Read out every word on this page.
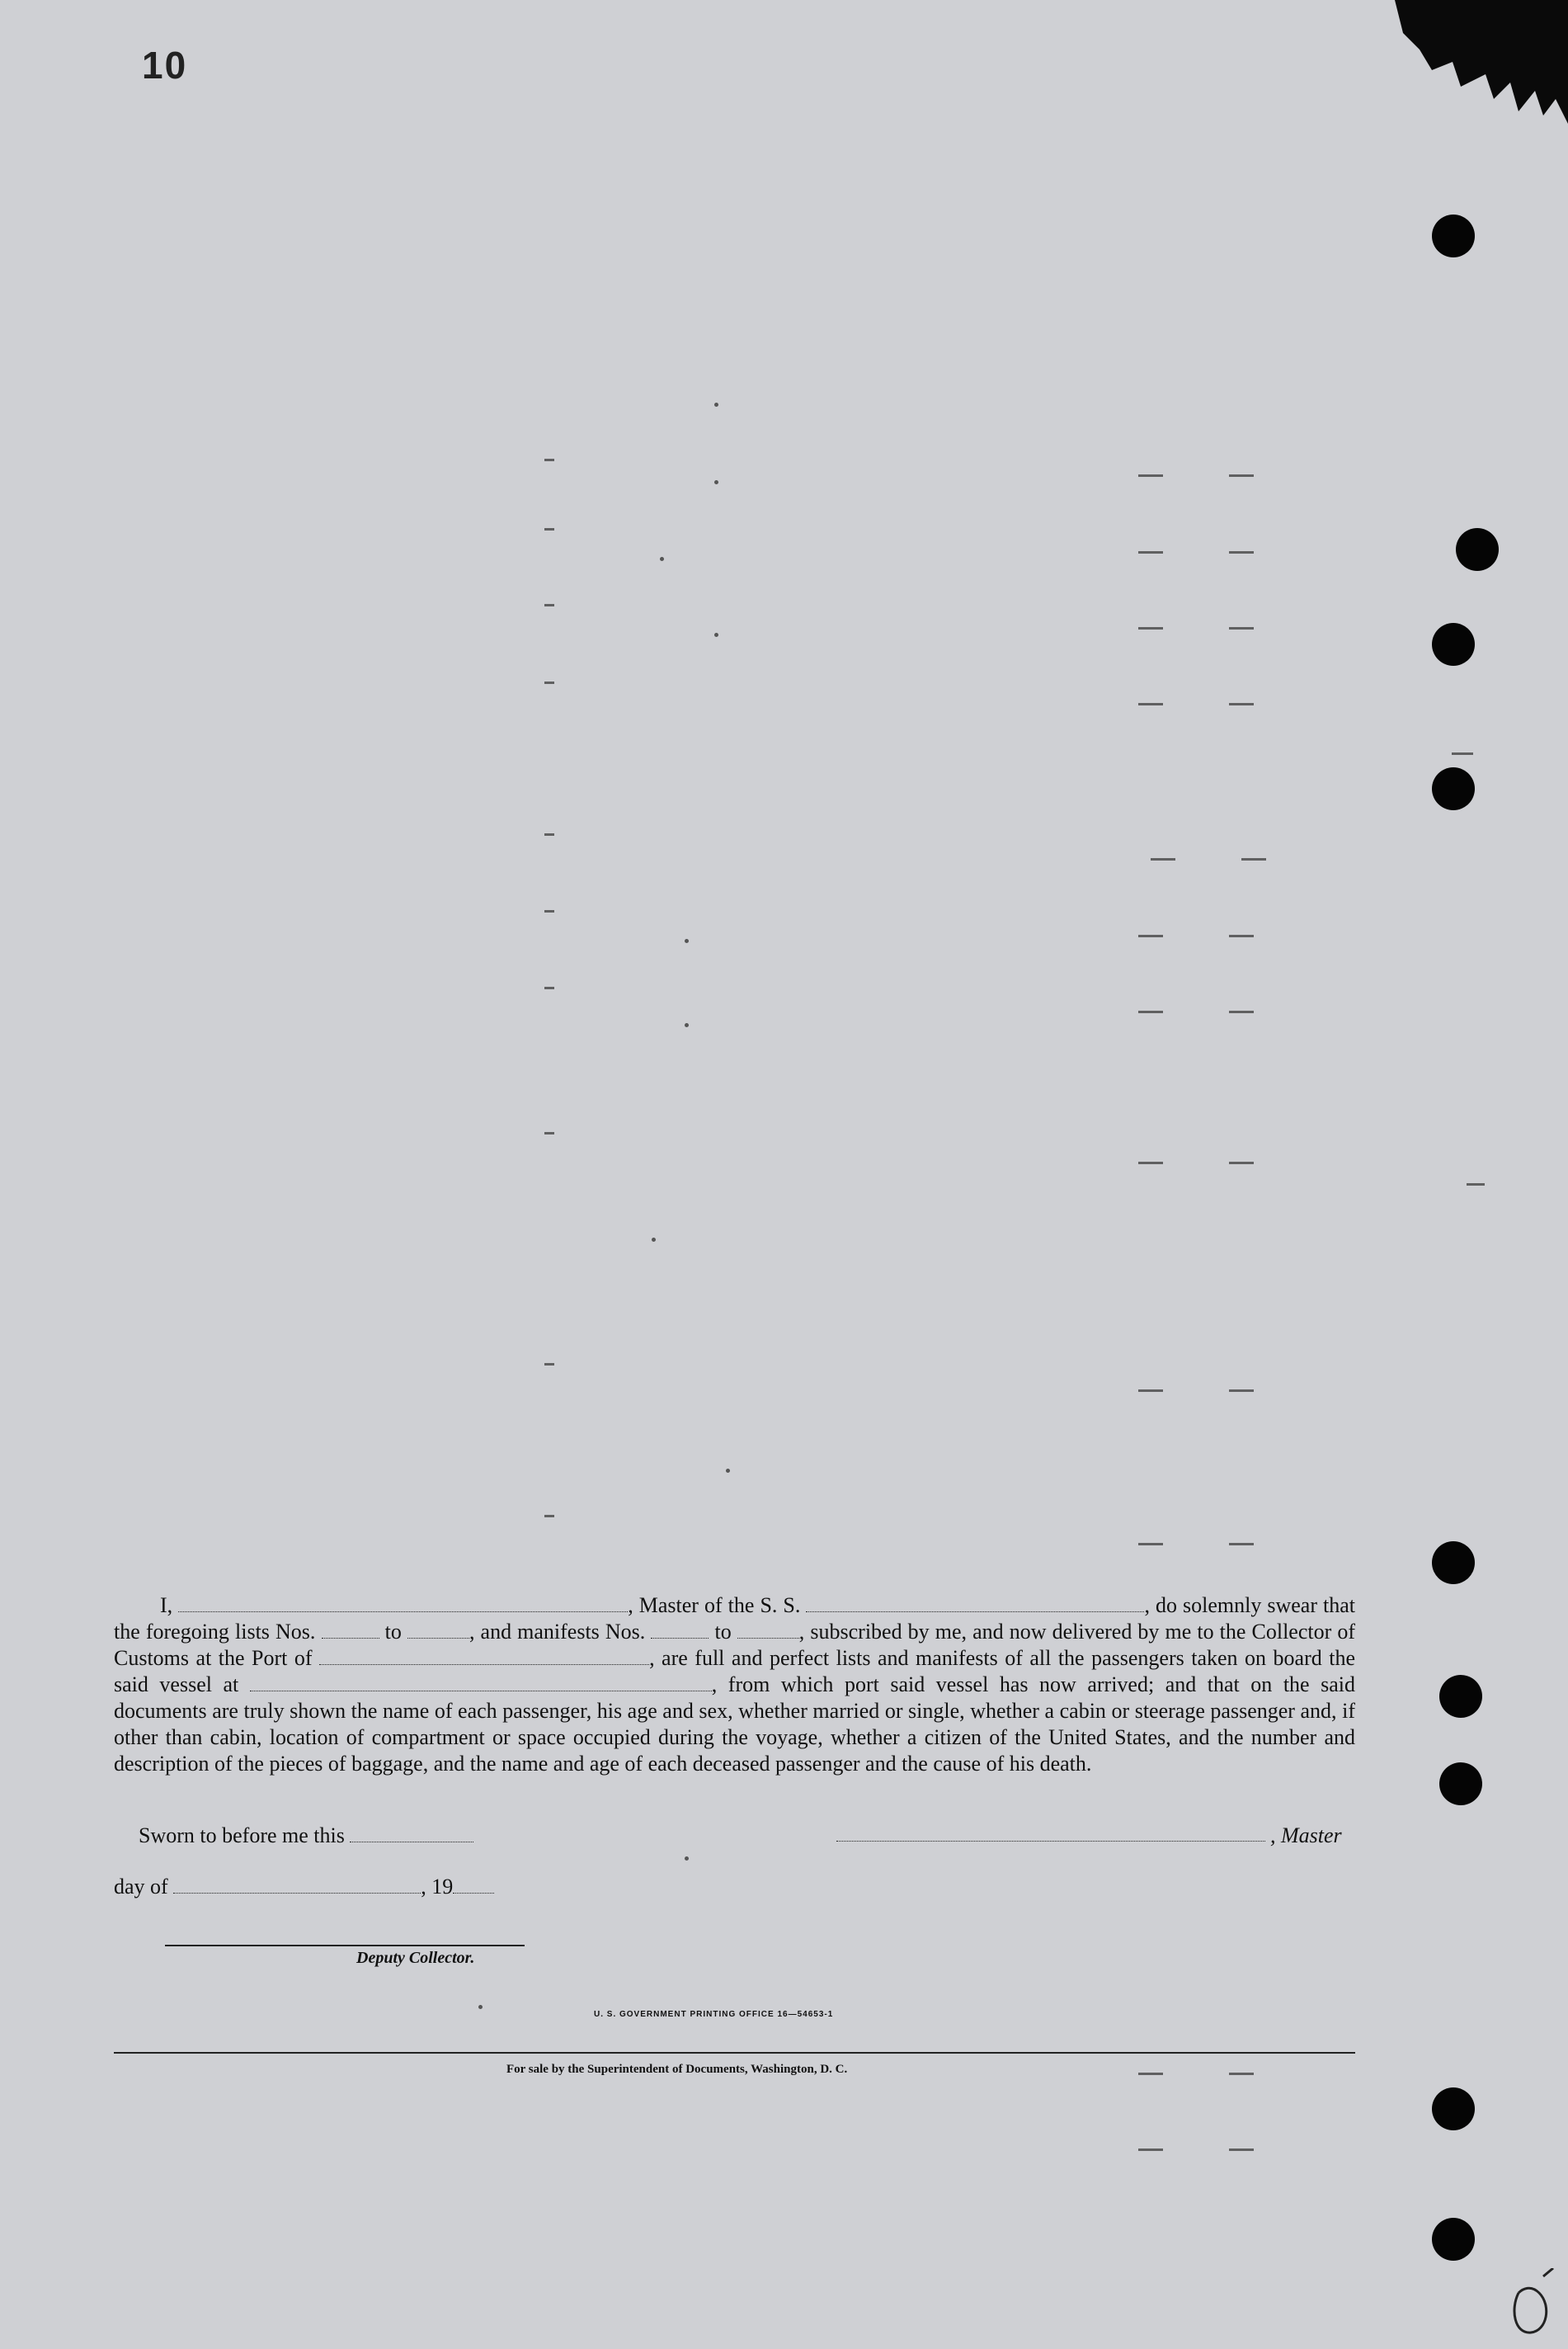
10

I,	, Master of the S. S.	, do solemnly swear that the foregoing lists Nos.	to	, and manifests Nos.	to	, subscribed by me, and now delivered by me to the Collector of Customs at the Port of	, are full and perfect lists and manifests of all the passengers taken on board the said vessel at	, from which port said vessel has now arrived; and that on the said documents are truly shown the name of each passenger, his age and sex, whether married or single, whether a cabin or steerage passenger and, if other than cabin, location of compartment or space occupied during the voyage, whether a citizen of the United States, and the number and description of the pieces of baggage, and the name and age of each deceased passenger and the cause of his death.

Sworn to before me this	, Master
day of	, 19
Deputy Collector.
U. S. GOVERNMENT PRINTING OFFICE 16—54653-1
For sale by the Superintendent of Documents, Washington, D. C.
